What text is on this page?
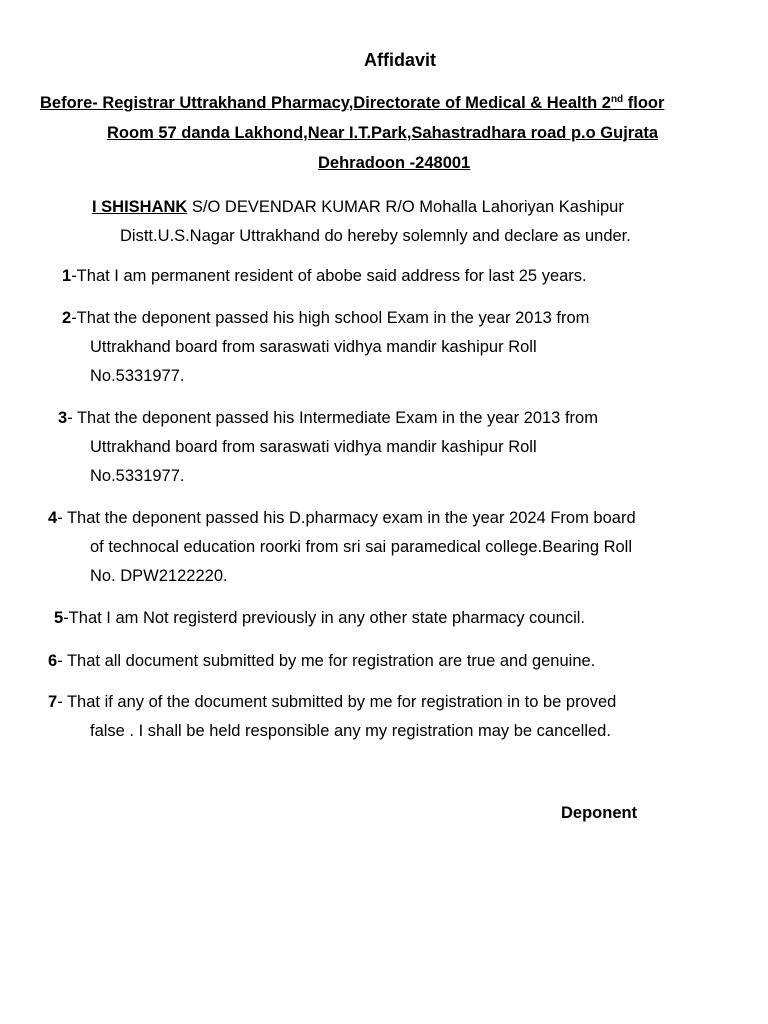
Affidavit
Before- Registrar Uttrakhand Pharmacy,Directorate of Medical & Health 2nd floor
Room 57 danda Lakhond,Near I.T.Park,Sahastradhara road p.o Gujrata
Dehradoon -248001
I SHISHANK S/O DEVENDAR KUMAR R/O Mohalla Lahoriyan Kashipur
Distt.U.S.Nagar Uttrakhand do hereby solemnly and declare as under.
1-That I am permanent resident of abobe said address for last 25 years.
2-That the deponent passed his high school Exam in the year 2013 from
Uttrakhand board from saraswati vidhya mandir kashipur Roll
No.5331977.
3- That the deponent passed his Intermediate Exam in the year 2013 from
Uttrakhand board from saraswati vidhya mandir kashipur Roll
No.5331977.
4- That the deponent passed his D.pharmacy exam in the year 2024 From board
of technocal education roorki from sri sai paramedical college.Bearing Roll
No. DPW2122220.
5-That I am Not registerd previously in any other state pharmacy council.
6- That all document submitted by me for registration are true and genuine.
7- That if any of the document submitted by me for registration in to be proved
false . I shall be held responsible any my registration may be cancelled.
Deponent
